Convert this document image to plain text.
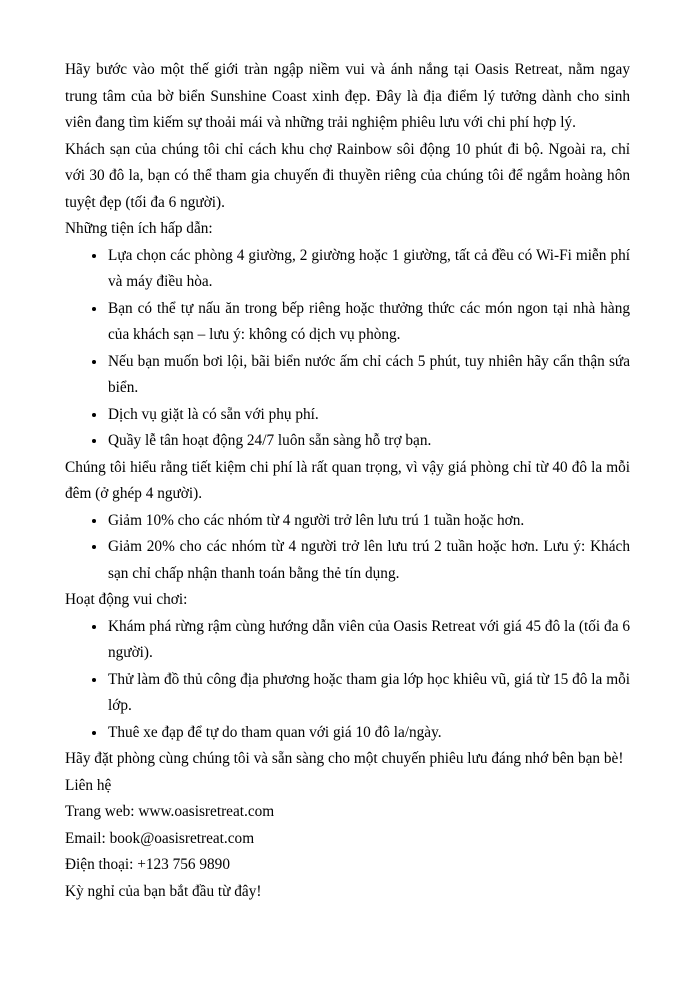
Hãy bước vào một thế giới tràn ngập niềm vui và ánh nắng tại Oasis Retreat, nằm ngay trung tâm của bờ biển Sunshine Coast xinh đẹp. Đây là địa điểm lý tưởng dành cho sinh viên đang tìm kiếm sự thoải mái và những trải nghiệm phiêu lưu với chi phí hợp lý.

Khách sạn của chúng tôi chỉ cách khu chợ Rainbow sôi động 10 phút đi bộ. Ngoài ra, chỉ với 30 đô la, bạn có thể tham gia chuyến đi thuyền riêng của chúng tôi để ngắm hoàng hôn tuyệt đẹp (tối đa 6 người).

Những tiện ích hấp dẫn:

• Lựa chọn các phòng 4 giường, 2 giường hoặc 1 giường, tất cả đều có Wi-Fi miễn phí và máy điều hòa.
• Bạn có thể tự nấu ăn trong bếp riêng hoặc thưởng thức các món ngon tại nhà hàng của khách sạn – lưu ý: không có dịch vụ phòng.
• Nếu bạn muốn bơi lội, bãi biển nước ấm chỉ cách 5 phút, tuy nhiên hãy cẩn thận sứa biển.
• Dịch vụ giặt là có sẵn với phụ phí.
• Quầy lễ tân hoạt động 24/7 luôn sẵn sàng hỗ trợ bạn.

Chúng tôi hiểu rằng tiết kiệm chi phí là rất quan trọng, vì vậy giá phòng chỉ từ 40 đô la mỗi đêm (ở ghép 4 người).

• Giảm 10% cho các nhóm từ 4 người trở lên lưu trú 1 tuần hoặc hơn.
• Giảm 20% cho các nhóm từ 4 người trở lên lưu trú 2 tuần hoặc hơn. Lưu ý: Khách sạn chỉ chấp nhận thanh toán bằng thẻ tín dụng.

Hoạt động vui chơi:

• Khám phá rừng rậm cùng hướng dẫn viên của Oasis Retreat với giá 45 đô la (tối đa 6 người).
• Thử làm đồ thủ công địa phương hoặc tham gia lớp học khiêu vũ, giá từ 15 đô la mỗi lớp.
• Thuê xe đạp để tự do tham quan với giá 10 đô la/ngày.

Hãy đặt phòng cùng chúng tôi và sẵn sàng cho một chuyến phiêu lưu đáng nhớ bên bạn bè!

Liên hệ

Trang web: www.oasisretreat.com

Email: book@oasisretreat.com

Điện thoại: +123 756 9890

Kỳ nghỉ của bạn bắt đầu từ đây!
